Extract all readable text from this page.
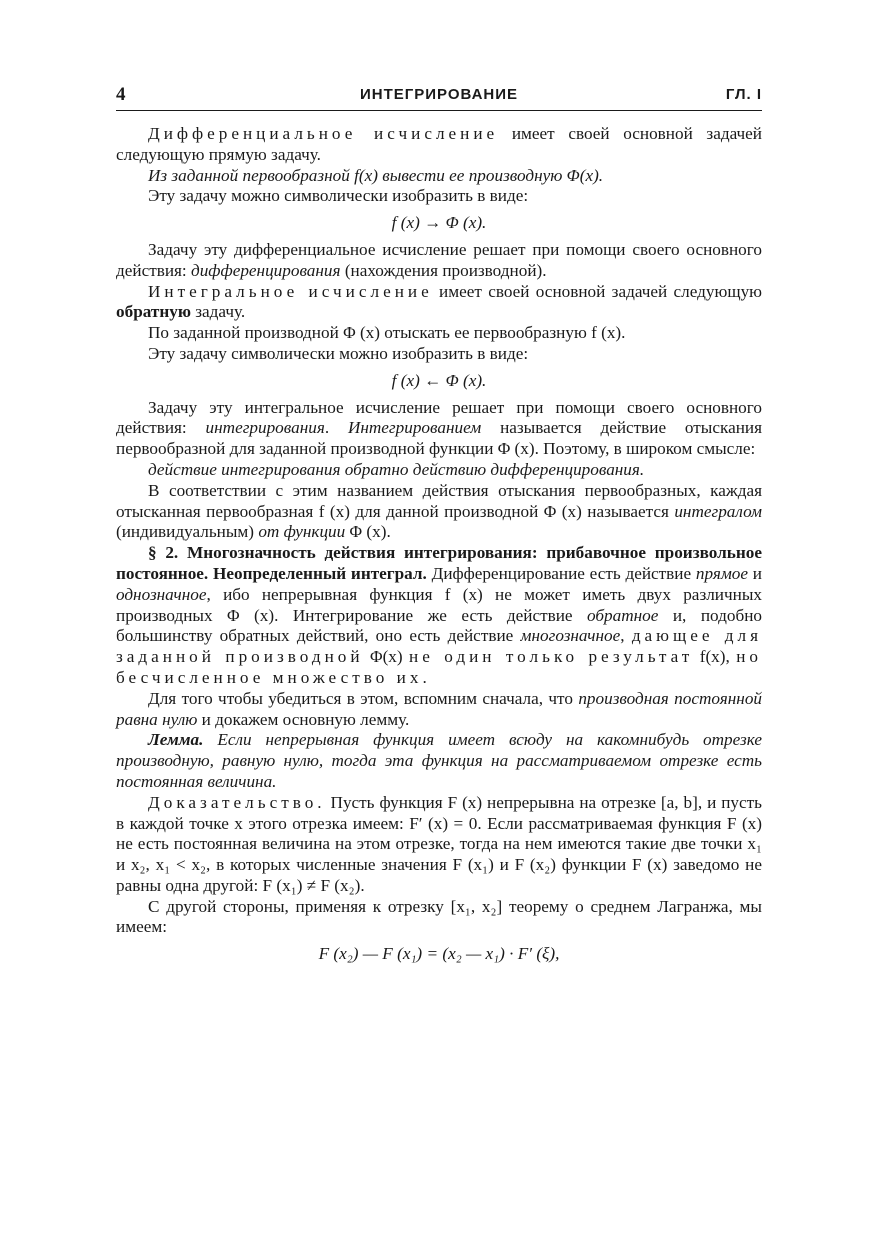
4	ИНТЕГРИРОВАНИЕ	ГЛ. I

Дифференциальное исчисление имеет своей основной задачей следующую прямую задачу.

Из заданной первообразной f(x) вывести ее производную Φ(x).

Эту задачу можно символически изобразить в виде:

f (x) → Φ (x).

Задачу эту дифференциальное исчисление решает при помощи своего основного действия: дифференцирования (нахождения производной).

Интегральное исчисление имеет своей основной задачей следующую обратную задачу.

По заданной производной Φ (x) отыскать ее первообразную f (x).

Эту задачу символически можно изобразить в виде:

f (x) ← Φ (x).

Задачу эту интегральное исчисление решает при помощи своего основного действия: интегрирования. Интегрированием называется действие отыскания первообразной для заданной производной функции Φ (x). Поэтому, в широком смысле:

действие интегрирования обратно действию дифференцирования.

В соответствии с этим названием действия отыскания первообразных, каждая отысканная первообразная f (x) для данной производной Φ (x) называется интегралом (индивидуальным) от функции Φ (x).

§ 2. Многозначность действия интегрирования: прибавочное произвольное постоянное. Неопределенный интеграл. Дифференцирование есть действие прямое и однозначное, ибо непрерывная функция f (x) не может иметь двух различных производных Φ (x). Интегрирование же есть действие обратное и, подобно большинству обратных действий, оно есть действие многозначное, дающее для заданной производной Φ(x) не один только результат f(x), но бесчисленное множество их.

Для того чтобы убедиться в этом, вспомним сначала, что производная постоянной равна нулю и докажем основную лемму.

Лемма. Если непрерывная функция имеет всюду на какомнибудь отрезке производную, равную нулю, тогда эта функция на рассматриваемом отрезке есть постоянная величина.

Доказательство. Пусть функция F (x) непрерывна на отрезке [a, b], и пусть в каждой точке x этого отрезка имеем: F′ (x) = 0. Если рассматриваемая функция F (x) не есть постоянная величина на этом отрезке, тогда на нем имеются такие две точки x₁ и x₂, x₁ < x₂, в которых численные значения F (x₁) и F (x₂) функции F (x) заведомо не равны одна другой: F (x₁) ≠ F (x₂).

С другой стороны, применяя к отрезку [x₁, x₂] теорему о среднем Лагранжа, мы имеем:

F (x₂) — F (x₁) = (x₂ — x₁) · F′ (ξ),
